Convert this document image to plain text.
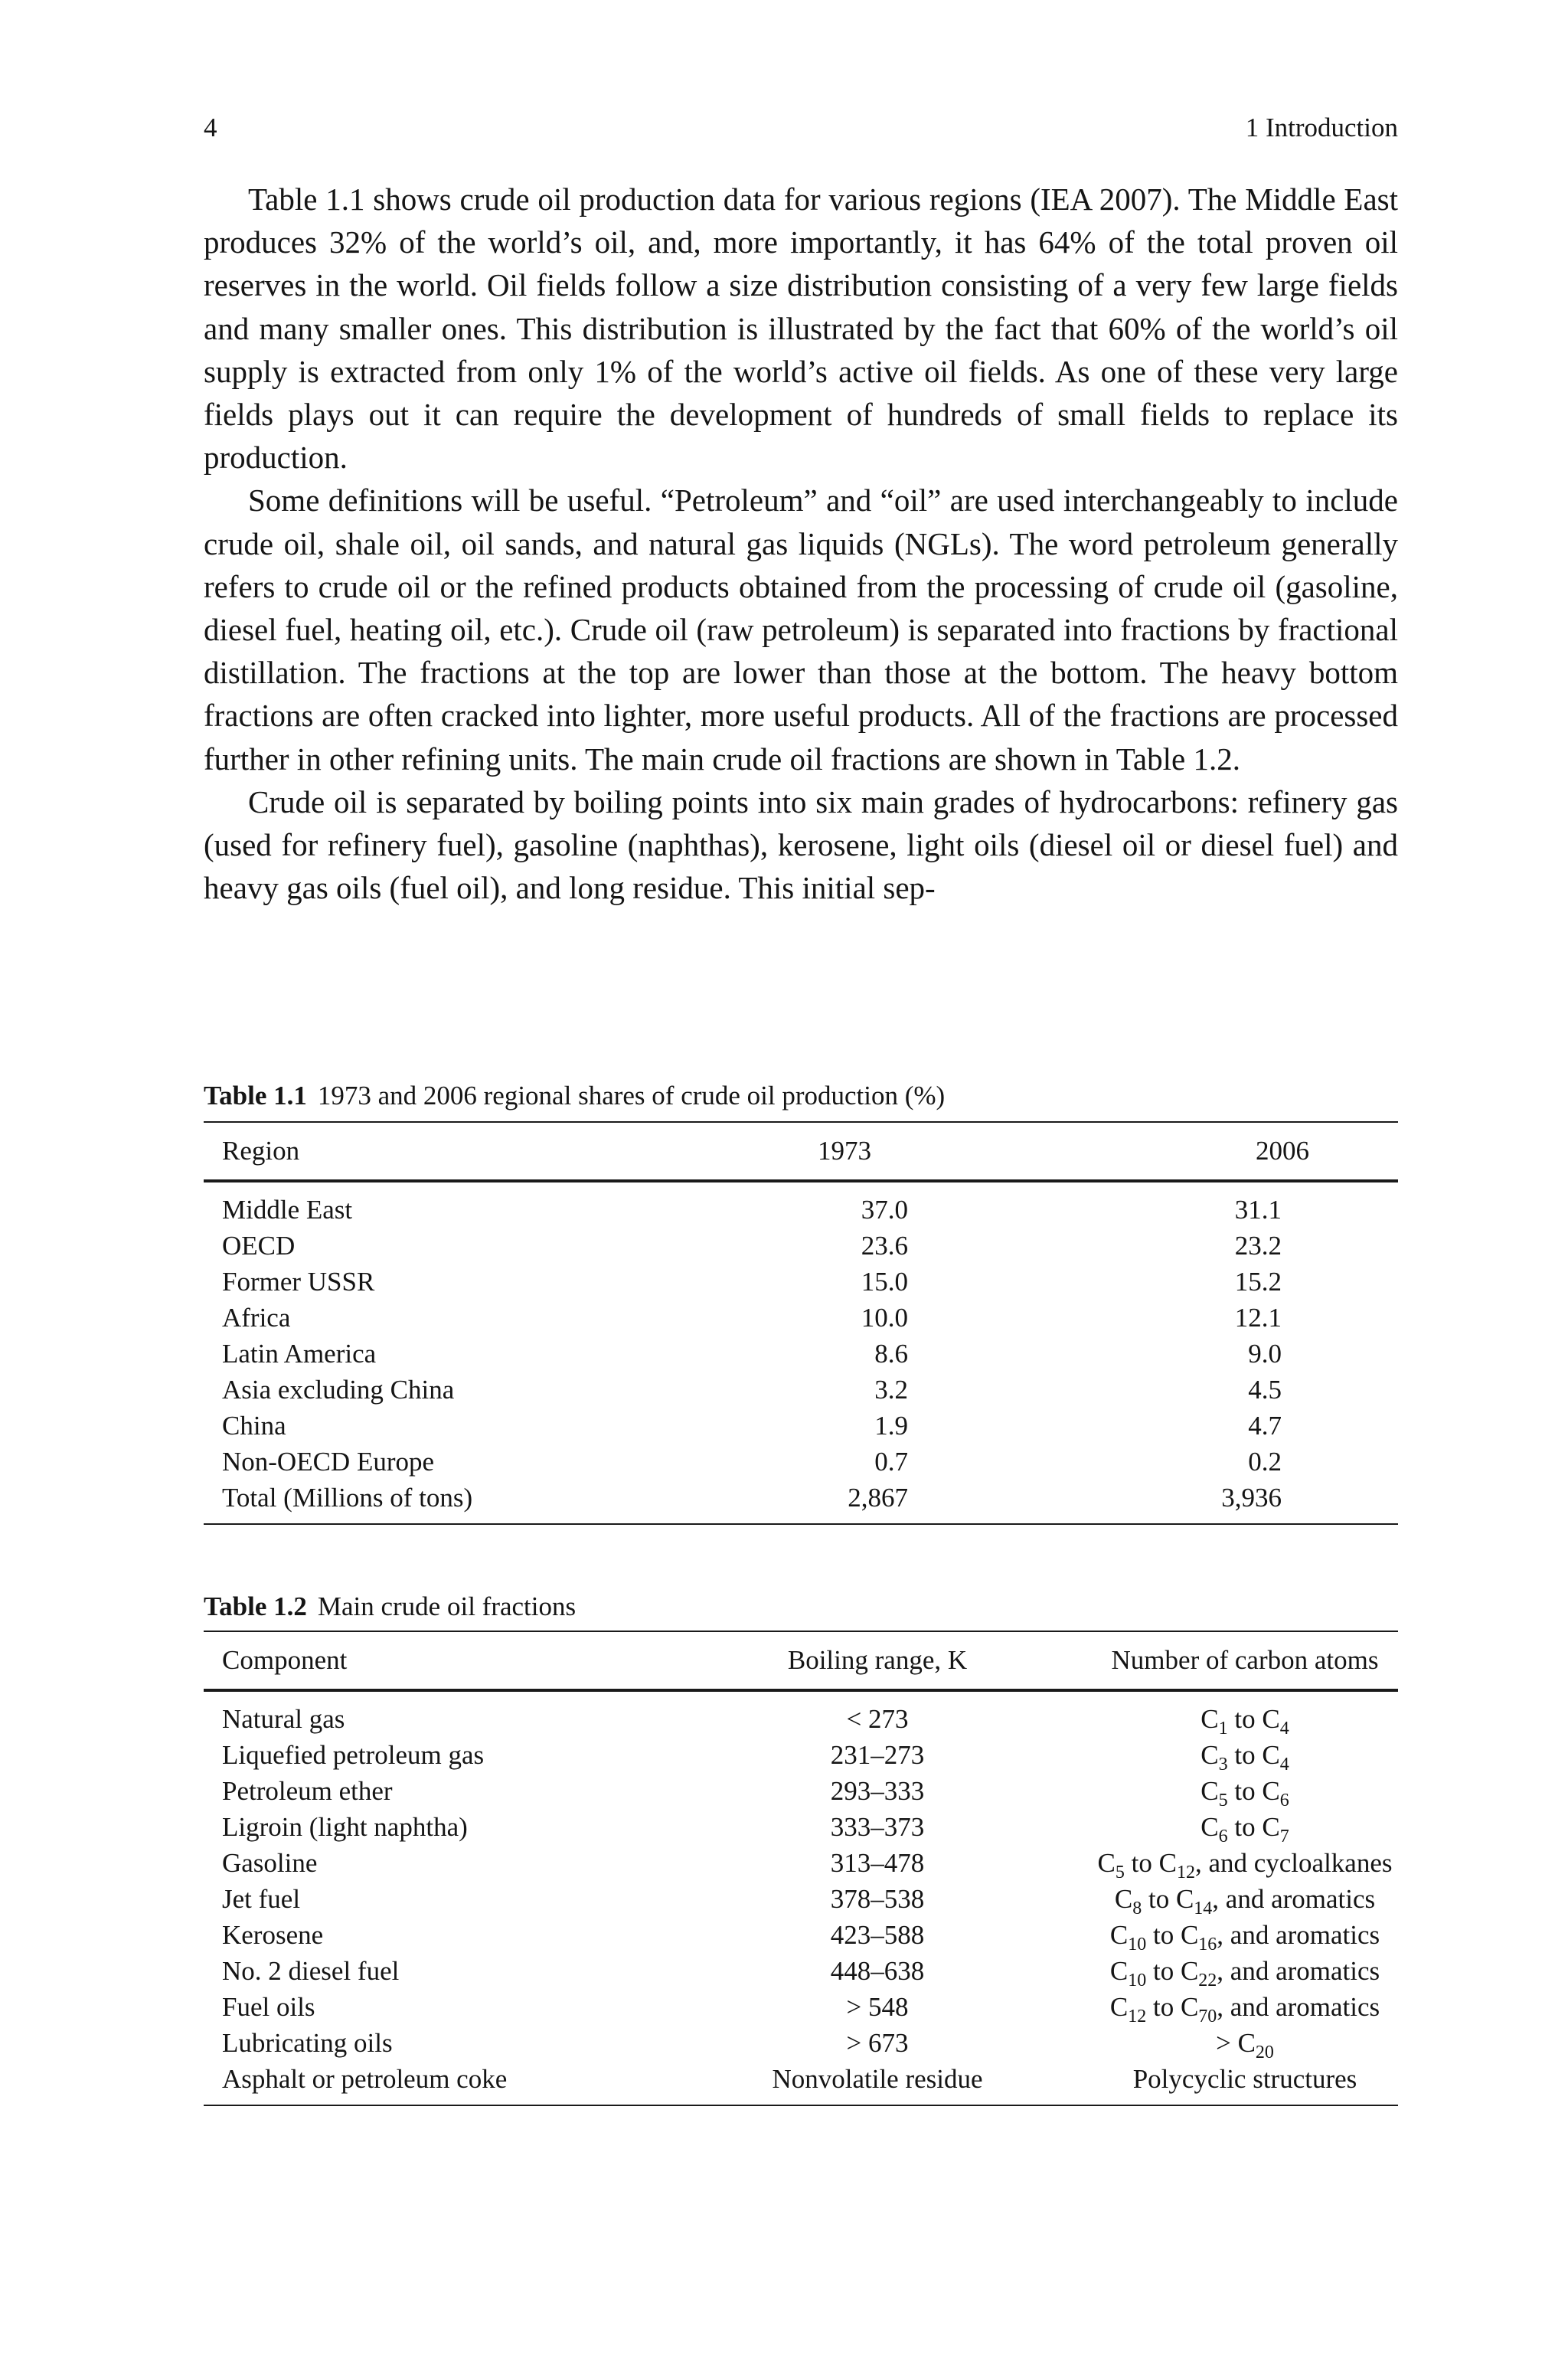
4	1 Introduction

Table 1.1 shows crude oil production data for various regions (IEA 2007). The Middle East produces 32% of the world’s oil, and, more importantly, it has 64% of the total proven oil reserves in the world. Oil fields follow a size distribution consisting of a very few large fields and many smaller ones. This distribution is illustrated by the fact that 60% of the world’s oil supply is extracted from only 1% of the world’s active oil fields. As one of these very large fields plays out it can require the development of hundreds of small fields to replace its production.

Some definitions will be useful. “Petroleum” and “oil” are used interchangeably to include crude oil, shale oil, oil sands, and natural gas liquids (NGLs). The word petroleum generally refers to crude oil or the refined products obtained from the processing of crude oil (gasoline, diesel fuel, heating oil, etc.). Crude oil (raw petroleum) is separated into fractions by fractional distillation. The fractions at the top are lower than those at the bottom. The heavy bottom fractions are often cracked into lighter, more useful products. All of the fractions are processed further in other refining units. The main crude oil fractions are shown in Table 1.2.

Crude oil is separated by boiling points into six main grades of hydrocarbons: refinery gas (used for refinery fuel), gasoline (naphthas), kerosene, light oils (diesel oil or diesel fuel) and heavy gas oils (fuel oil), and long residue. This initial sep-

Table 1.1 1973 and 2006 regional shares of crude oil production (%)
Region	1973	2006
Middle East	37.0	31.1
OECD	23.6	23.2
Former USSR	15.0	15.2
Africa	10.0	12.1
Latin America	8.6	9.0
Asia excluding China	3.2	4.5
China	1.9	4.7
Non-OECD Europe	0.7	0.2
Total (Millions of tons)	2,867	3,936
Table 1.2 Main crude oil fractions
Component	Boiling range, K	Number of carbon atoms
Natural gas	< 273	$C_1$ to $C_4$
Liquefied petroleum gas	231–273	$C_3$ to $C_4$
Petroleum ether	293–333	$C_5$ to $C_6$
Ligroin (light naphtha)	333–373	$C_6$ to $C_7$
Gasoline	313–478	$C_5$ to $C_{12}$, and cycloalkanes
Jet fuel	378–538	$C_8$ to $C_{14}$, and aromatics
Kerosene	423–588	$C_{10}$ to $C_{16}$, and aromatics
No. 2 diesel fuel	448–638	$C_{10}$ to $C_{22}$, and aromatics
Fuel oils	> 548	$C_{12}$ to $C_{70}$, and aromatics
Lubricating oils	> 673	> $C_{20}$
Asphalt or petroleum coke	Nonvolatile residue	Polycyclic structures
